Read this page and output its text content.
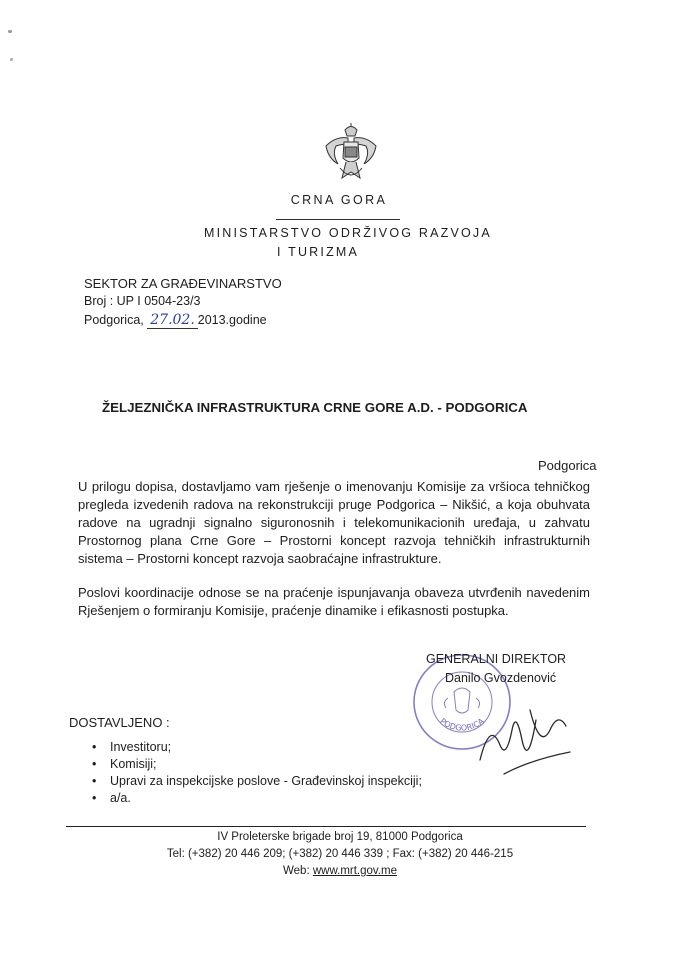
CRNA GORA
MINISTARSTVO ODRŽIVOG RAZVOJA
I TURIZMA
SEKTOR ZA GRAĐEVINARSTVO
Broj : UP I 0504-23/3
Podgorica, 27.02. 2013.godine
ŽELJEZNIČKA INFRASTRUKTURA CRNE GORE A.D. - PODGORICA
Podgorica
U prilogu dopisa, dostavljamo vam rješenje o imenovanju Komisije za vršioca tehničkog pregleda izvedenih radova na rekonstrukciji pruge Podgorica – Nikšić, a koja obuhvata radove na ugradnji signalno siguronosnih i telekomunikacionih uređaja, u zahvatu Prostornog plana Crne Gore – Prostorni koncept razvoja tehničkih infrastrukturnih sistema – Prostorni koncept razvoja saobraćajne infrastrukture.
Poslovi koordinacije odnose se na praćenje ispunjavanja obaveza utvrđenih navedenim Rješenjem o formiranju Komisije, praćenje dinamike i efikasnosti postupka.
PODGORICA
GENERALNI DIREKTOR
Danilo Gvozdenović
DOSTAVLJENO :
• Investitoru;
• Komisiji;
• Upravi za inspekcijske poslove - Građevinskoj inspekciji;
• a/a.
IV Proleterske brigade broj 19, 81000 Podgorica
Tel: (+382) 20 446 209; (+382) 20 446 339 ; Fax: (+382) 20 446-215
Web: www.mrt.gov.me
